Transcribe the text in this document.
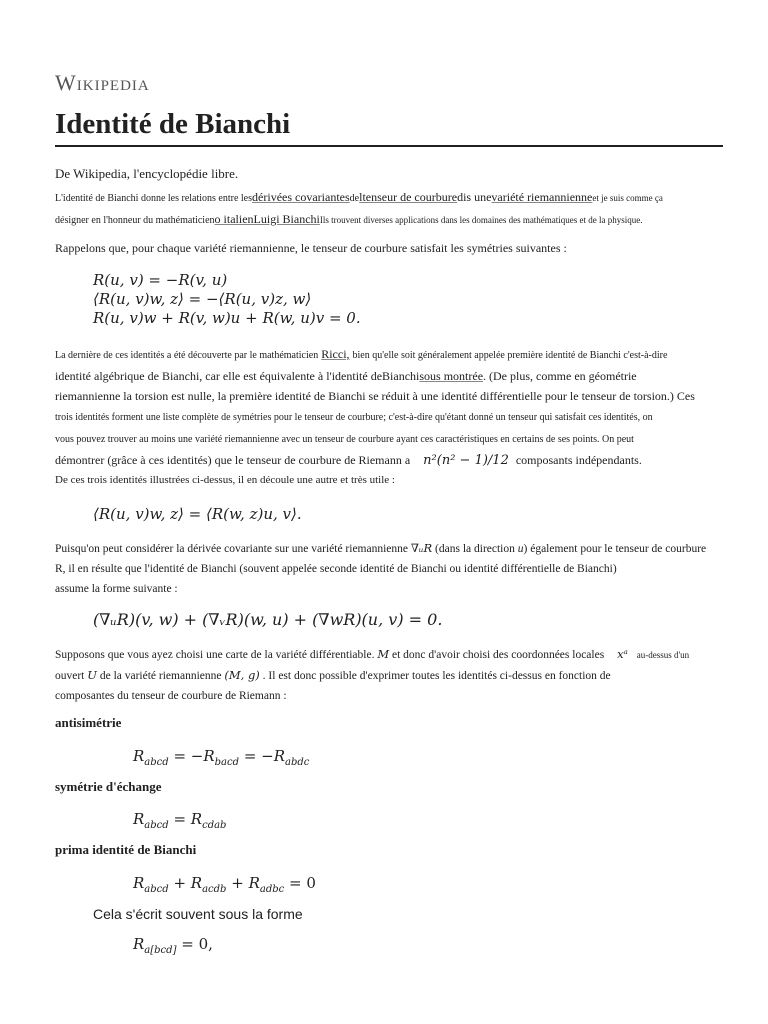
Wikipedia
Identité de Bianchi
De Wikipedia, l'encyclopédie libre.
L'identité de Bianchi donne les relations entre lesdérivées covariantesdeltenseur de courburedis unevariété riemannienneet je suis comme ça
désigner en l'honneur du mathématicieno italienLuigi BianchiIls trouvent diverses applications dans les domaines des mathématiques et de la physique.
Rappelons que, pour chaque variété riemannienne, le tenseur de courbure satisfait les symétries suivantes :
R(u, v) = −R(v, u)
⟨R(u, v)w, z⟩ = −⟨R(u, v)z, w⟩
R(u, v)w + R(v, w)u + R(w, u)v = 0.
La dernière de ces identités a été découverte par le mathématicien Ricci, bien qu'elle soit généralement appelée première identité de Bianchi c'est-à-dire
identité algébrique de Bianchi, car elle est équivalente à l'identité deBianchisous montrée. (De plus, comme en géométrie
riemannienne la torsion est nulle, la première identité de Bianchi se réduit à une identité différentielle pour le tenseur de torsion.) Ces
trois identités forment une liste complète de symétries pour le tenseur de courbure; c'est-à-dire qu'étant donné un tenseur qui satisfait ces identités, on
vous pouvez trouver au moins une variété riemannienne avec un tenseur de courbure ayant ces caractéristiques en certains de ses points. On peut
démontrer (grâce à ces identités) que le tenseur de courbure de Riemann a n²(n² − 1)/12 composants indépendants.
De ces trois identités illustrées ci-dessus, il en découle une autre et très utile :
⟨R(u, v)w, z⟩ = ⟨R(w, z)u, v⟩.
Puisqu'on peut considérer la dérivée covariante sur une variété riemannienne ∇ᵤR (dans la direction u) également pour le tenseur de courbure
R, il en résulte que l'identité de Bianchi (souvent appelée seconde identité de Bianchi ou identité différentielle de Bianchi)
assume la forme suivante :
(∇ᵤR)(v, w) + (∇ᵥR)(w, u) + (∇𝑤R)(u, v) = 0.
Supposons que vous ayez choisi une carte de la variété différentiable. M et donc d'avoir choisi des coordonnées locales xᵃ au-dessus d'un
ouvert U de la variété riemannienne (M, g) . Il est donc possible d'exprimer toutes les identités ci-dessus en fonction de
composantes du tenseur de courbure de Riemann :
antisimétrie
$R_{abcd} = -R_{bacd} = -R_{abdc}$
symétrie d'échange
$R_{abcd} = R_{cdab}$
prima identité de Bianchi
$R_{abcd} + R_{acdb} + R_{adbc} = 0$
Cela s'écrit souvent sous la forme
$R_{a[bcd]} = 0$,
